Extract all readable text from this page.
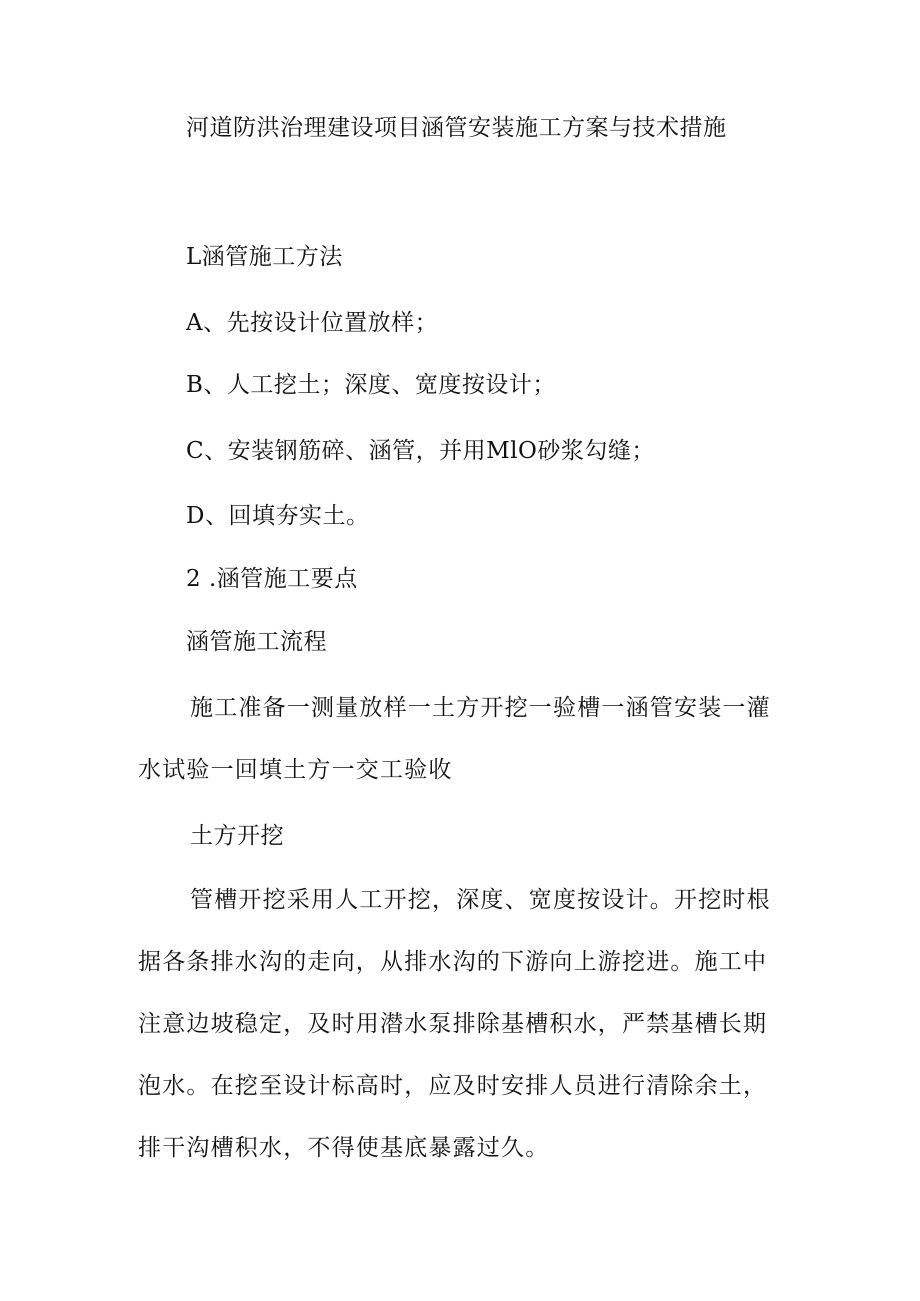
河道防洪治理建设项目涵管安装施工方案与技术措施
L涵管施工方法
A、先按设计位置放样；
B、人工挖土；深度、宽度按设计；
C、安装钢筋碎、涵管，并用MlO砂浆勾缝；
D、回填夯实土。
2 .涵管施工要点
涵管施工流程

施工准备一测量放样一土方开挖一验槽一涵管安装一灌水试验一回填土方一交工验收

土方开挖

管槽开挖采用人工开挖，深度、宽度按设计。开挖时根据各条排水沟的走向，从排水沟的下游向上游挖进。施工中注意边坡稳定，及时用潜水泵排除基槽积水，严禁基槽长期泡水。在挖至设计标高时，应及时安排人员进行清除余土，排干沟槽积水，不得使基底暴露过久。
